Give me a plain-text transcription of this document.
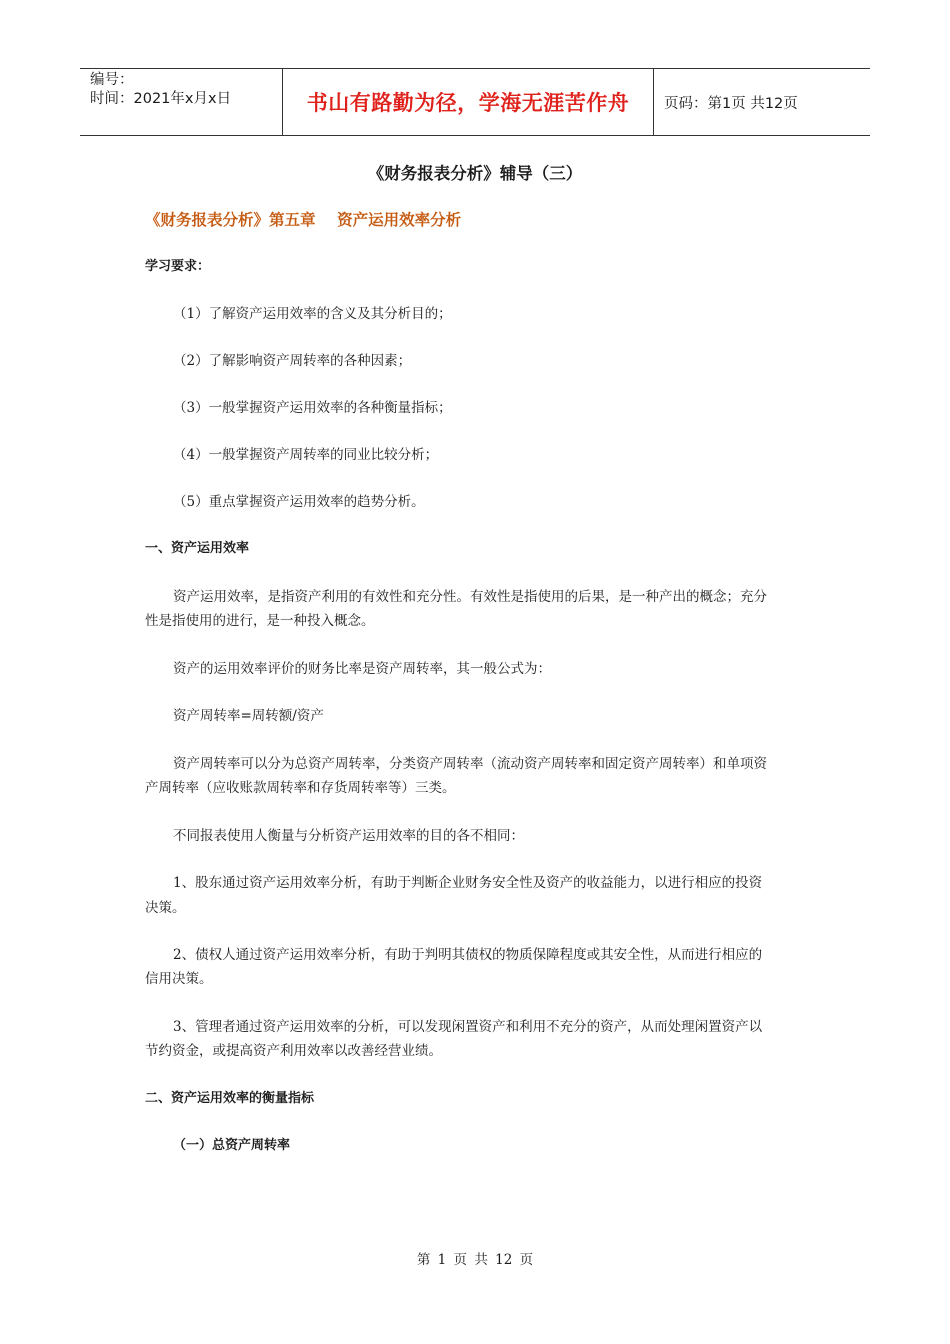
编号：
时间：2021年x月x日	书山有路勤为径，学海无涯苦作舟	页码：第1页 共12页
《财务报表分析》辅导（三）
《财务报表分析》第五章    资产运用效率分析
学习要求：
（1）了解资产运用效率的含义及其分析目的；
（2）了解影响资产周转率的各种因素；
（3）一般掌握资产运用效率的各种衡量指标；
（4）一般掌握资产周转率的同业比较分析；
（5）重点掌握资产运用效率的趋势分析。
一、资产运用效率
资产运用效率，是指资产利用的有效性和充分性。有效性是指使用的后果，是一种产出的概念；充分
性是指使用的进行，是一种投入概念。
资产的运用效率评价的财务比率是资产周转率，其一般公式为：
资产周转率=周转额/资产
资产周转率可以分为总资产周转率，分类资产周转率（流动资产周转率和固定资产周转率）和单项资
产周转率（应收账款周转率和存货周转率等）三类。
不同报表使用人衡量与分析资产运用效率的目的各不相同：
1、股东通过资产运用效率分析，有助于判断企业财务安全性及资产的收益能力，以进行相应的投资
决策。
2、债权人通过资产运用效率分析，有助于判明其债权的物质保障程度或其安全性，从而进行相应的
信用决策。
3、管理者通过资产运用效率的分析，可以发现闲置资产和利用不充分的资产，从而处理闲置资产以
节约资金，或提高资产利用效率以改善经营业绩。
二、资产运用效率的衡量指标
（一）总资产周转率
第 1 页 共 12 页
